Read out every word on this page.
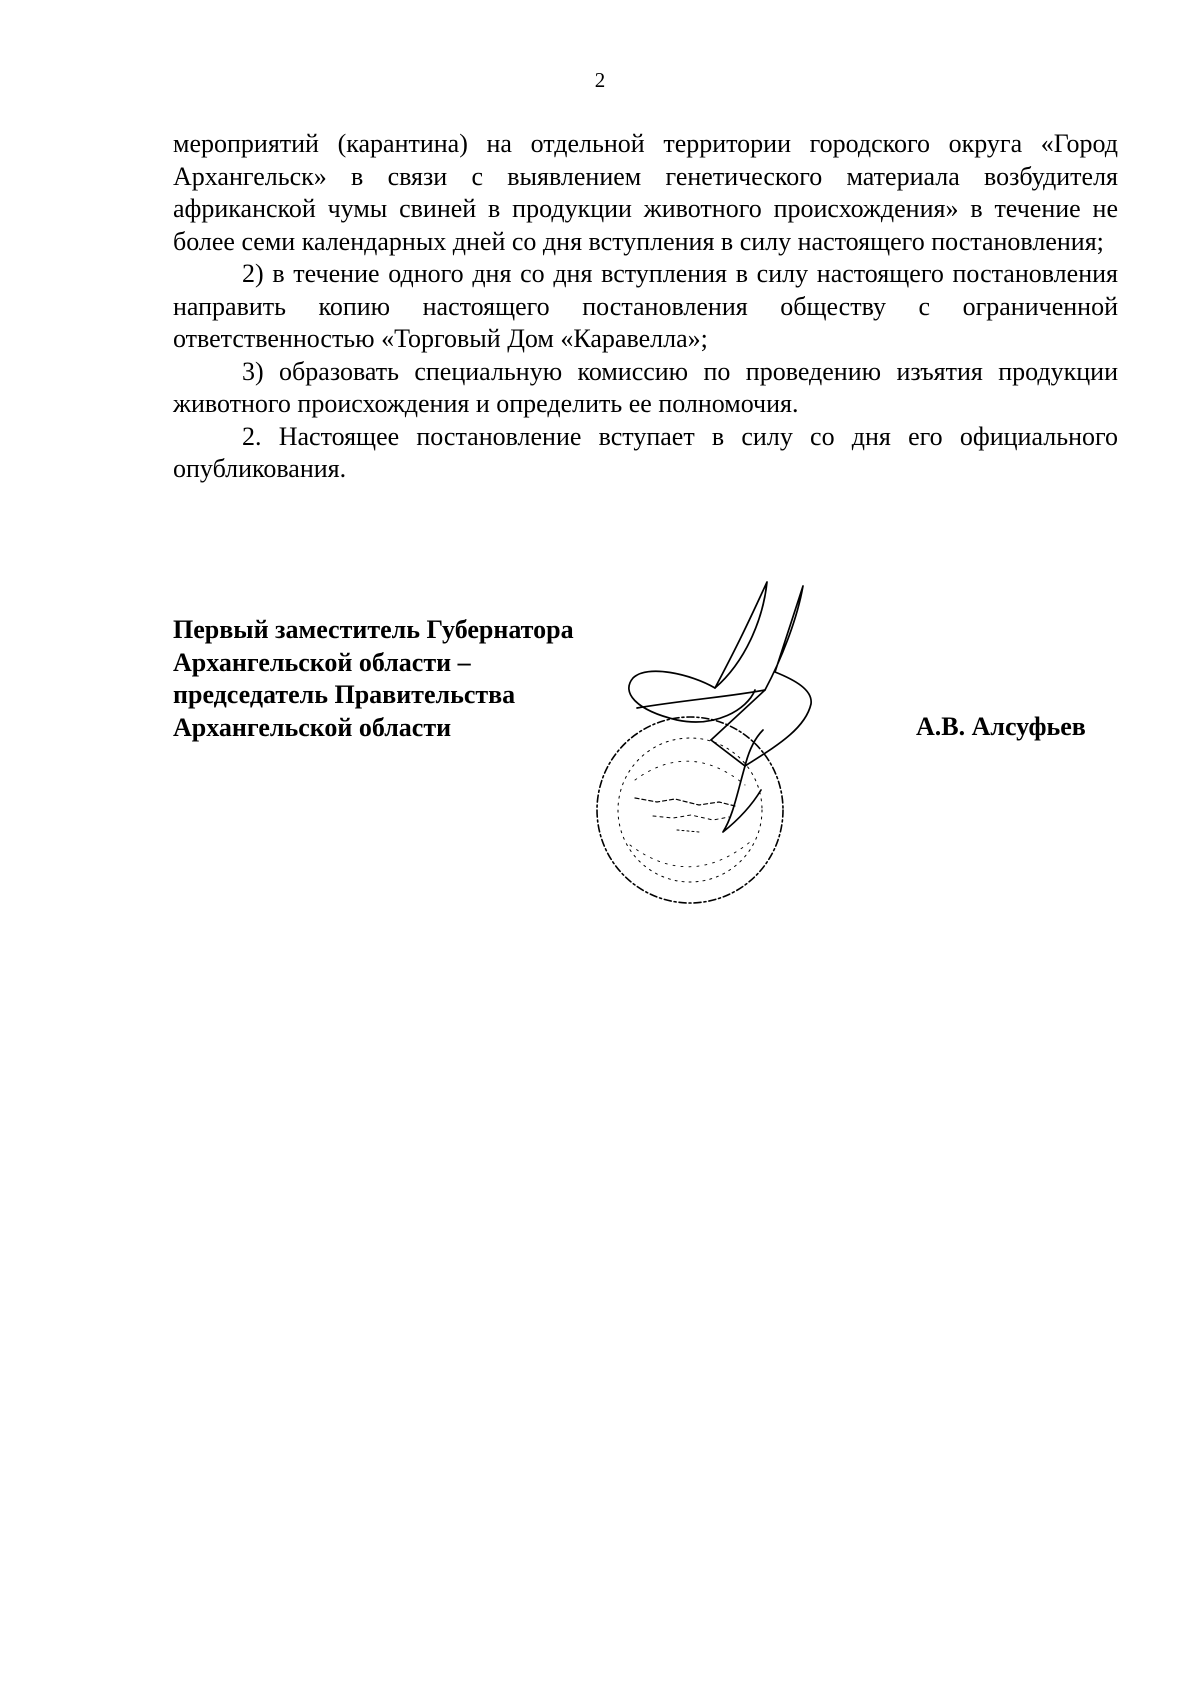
2

мероприятий (карантина) на отдельной территории городского округа «Город Архангельск» в связи с выявлением генетического материала возбудителя африканской чумы свиней в продукции животного происхождения» в течение не более семи календарных дней со дня вступления в силу настоящего постановления;

2) в течение одного дня со дня вступления в силу настоящего постановления направить копию настоящего постановления обществу с ограниченной ответственностью «Торговый Дом «Каравелла»;

3) образовать специальную комиссию по проведению изъятия продукции животного происхождения и определить ее полномочия.

2. Настоящее постановление вступает в силу со дня его официального опубликования.

Первый заместитель Губернатора
Архангельской области –
председатель Правительства
Архангельской области	А.В. Алсуфьев
